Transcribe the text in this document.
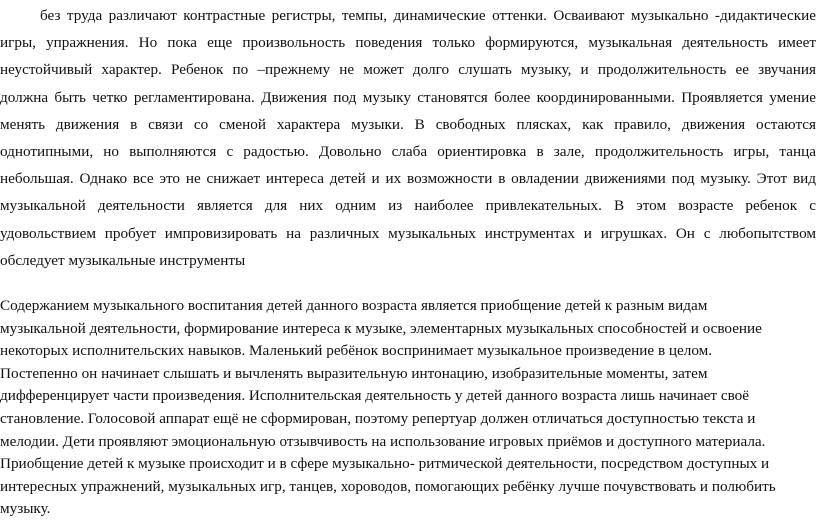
без труда различают контрастные регистры, темпы, динамические оттенки. Осваивают музыкально -дидактические
игры, упражнения. Но пока еще произвольность поведения только формируются, музыкальная деятельность имеет
неустойчивый характер. Ребенок по –прежнему не может долго слушать музыку, и продолжительность ее звучания
должна быть четко регламентирована. Движения под музыку становятся более координированными. Проявляется умение
менять движения в связи со сменой характера музыки. В свободных плясках, как правило, движения остаются
однотипными, но выполняются с радостью. Довольно слаба ориентировка в зале, продолжительность игры, танца
небольшая. Однако все это не снижает интереса детей и их возможности в овладении движениями под музыку. Этот вид
музыкальной деятельности является для них одним из наиболее привлекательных. В этом возрасте ребенок с
удовольствием пробует импровизировать на различных музыкальных инструментах и игрушках. Он с любопытством
обследует музыкальные инструменты
Содержанием музыкального воспитания детей данного возраста является приобщение детей к разным видам
музыкальной деятельности, формирование интереса к музыке, элементарных музыкальных способностей и освоение
некоторых исполнительских навыков. Маленький ребёнок воспринимает музыкальное произведение в целом.
Постепенно он начинает слышать и вычленять выразительную интонацию, изобразительные моменты, затем
дифференцирует части произведения. Исполнительская деятельность у детей данного возраста лишь начинает своё
становление. Голосовой аппарат ещё не сформирован, поэтому репертуар должен отличаться доступностью текста и
мелодии. Дети проявляют эмоциональную отзывчивость на использование игровых приёмов и доступного материала.
Приобщение детей к музыке происходит и в сфере музыкально- ритмической деятельности, посредством доступных и
интересных упражнений, музыкальных игр, танцев, хороводов, помогающих ребёнку лучше почувствовать и полюбить
музыку.
